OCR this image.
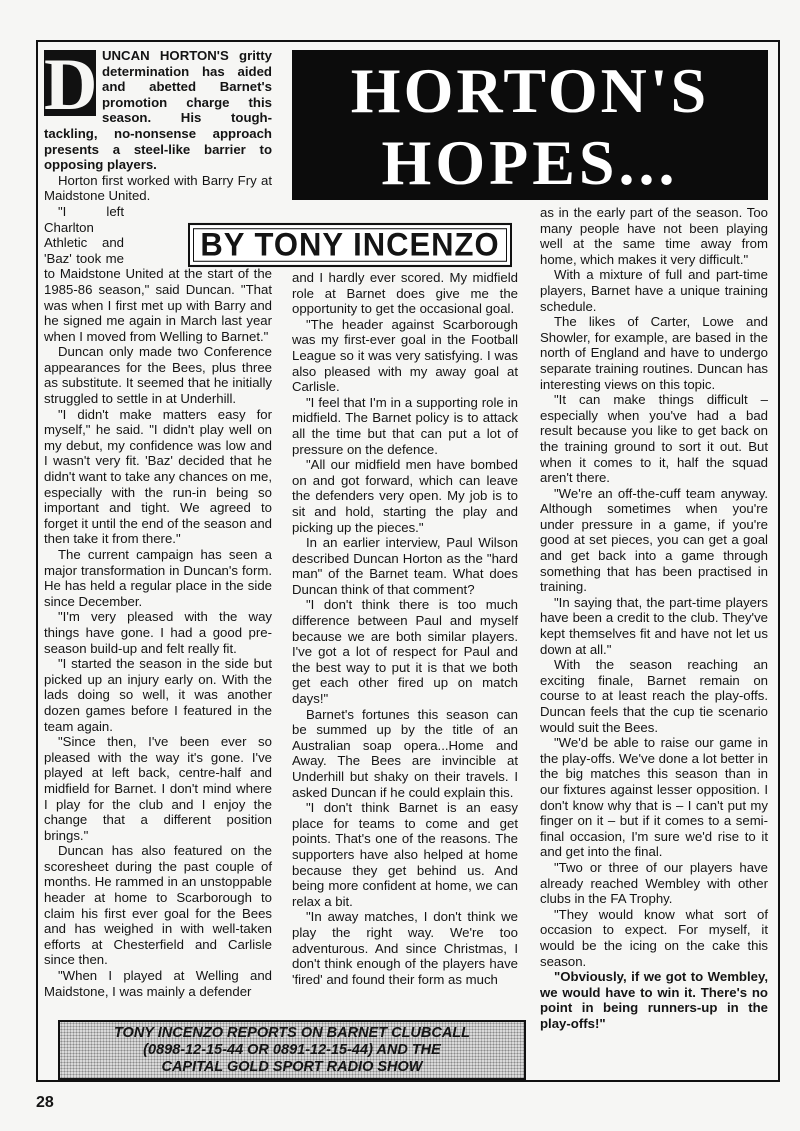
HORTON'S
HOPES...
BY TONY INCENZO

D UNCAN HORTON'S gritty determination has aided and abetted Barnet's promotion charge this season. His tough-tackling, no-nonsense approach presents a steel-like barrier to opposing players.

Horton first worked with Barry Fry at Maidstone United.

"I left Charlton Athletic and 'Baz' took me to Maidstone United at the start of the 1985-86 season," said Duncan. "That was when I first met up with Barry and he signed me again in March last year when I moved from Welling to Barnet."

Duncan only made two Conference appearances for the Bees, plus three as substitute. It seemed that he initially struggled to settle in at Underhill.

"I didn't make matters easy for myself," he said. "I didn't play well on my debut, my confidence was low and I wasn't very fit. 'Baz' decided that he didn't want to take any chances on me, especially with the run-in being so important and tight. We agreed to forget it until the end of the season and then take it from there."

The current campaign has seen a major transformation in Duncan's form. He has held a regular place in the side since December.

"I'm very pleased with the way things have gone. I had a good pre-season build-up and felt really fit.

"I started the season in the side but picked up an injury early on. With the lads doing so well, it was another dozen games before I featured in the team again.

"Since then, I've been ever so pleased with the way it's gone. I've played at left back, centre-half and midfield for Barnet. I don't mind where I play for the club and I enjoy the change that a different position brings."

Duncan has also featured on the scoresheet during the past couple of months. He rammed in an unstoppable header at home to Scarborough to claim his first ever goal for the Bees and has weighed in with well-taken efforts at Chesterfield and Carlisle since then.

"When I played at Welling and Maidstone, I was mainly a defender

and I hardly ever scored. My midfield role at Barnet does give me the opportunity to get the occasional goal.

"The header against Scarborough was my first-ever goal in the Football League so it was very satisfying. I was also pleased with my away goal at Carlisle.

"I feel that I'm in a supporting role in midfield. The Barnet policy is to attack all the time but that can put a lot of pressure on the defence.

"All our midfield men have bombed on and got forward, which can leave the defenders very open. My job is to sit and hold, starting the play and picking up the pieces."

In an earlier interview, Paul Wilson described Duncan Horton as the "hard man" of the Barnet team. What does Duncan think of that comment?

"I don't think there is too much difference between Paul and myself because we are both similar players. I've got a lot of respect for Paul and the best way to put it is that we both get each other fired up on match days!"

Barnet's fortunes this season can be summed up by the title of an Australian soap opera...Home and Away. The Bees are invincible at Underhill but shaky on their travels. I asked Duncan if he could explain this.

"I don't think Barnet is an easy place for teams to come and get points. That's one of the reasons. The supporters have also helped at home because they get behind us. And being more confident at home, we can relax a bit.

"In away matches, I don't think we play the right way. We're too adventurous. And since Christmas, I don't think enough of the players have 'fired' and found their form as much

as in the early part of the season. Too many people have not been playing well at the same time away from home, which makes it very difficult."

With a mixture of full and part-time players, Barnet have a unique training schedule.

The likes of Carter, Lowe and Showler, for example, are based in the north of England and have to undergo separate training routines. Duncan has interesting views on this topic.

"It can make things difficult – especially when you've had a bad result because you like to get back on the training ground to sort it out. But when it comes to it, half the squad aren't there.

"We're an off-the-cuff team anyway. Although sometimes when you're under pressure in a game, if you're good at set pieces, you can get a goal and get back into a game through something that has been practised in training.

"In saying that, the part-time players have been a credit to the club. They've kept themselves fit and have not let us down at all."

With the season reaching an exciting finale, Barnet remain on course to at least reach the play-offs. Duncan feels that the cup tie scenario would suit the Bees.

"We'd be able to raise our game in the play-offs. We've done a lot better in the big matches this season than in our fixtures against lesser opposition. I don't know why that is – I can't put my finger on it – but if it comes to a semi-final occasion, I'm sure we'd rise to it and get into the final.

"Two or three of our players have already reached Wembley with other clubs in the FA Trophy.

"They would know what sort of occasion to expect. For myself, it would be the icing on the cake this season.

"Obviously, if we got to Wembley, we would have to win it. There's no point in being runners-up in the play-offs!"

TONY INCENZO REPORTS ON BARNET CLUBCALL
(0898-12-15-44 OR 0891-12-15-44) AND THE
CAPITAL GOLD SPORT RADIO SHOW
28
